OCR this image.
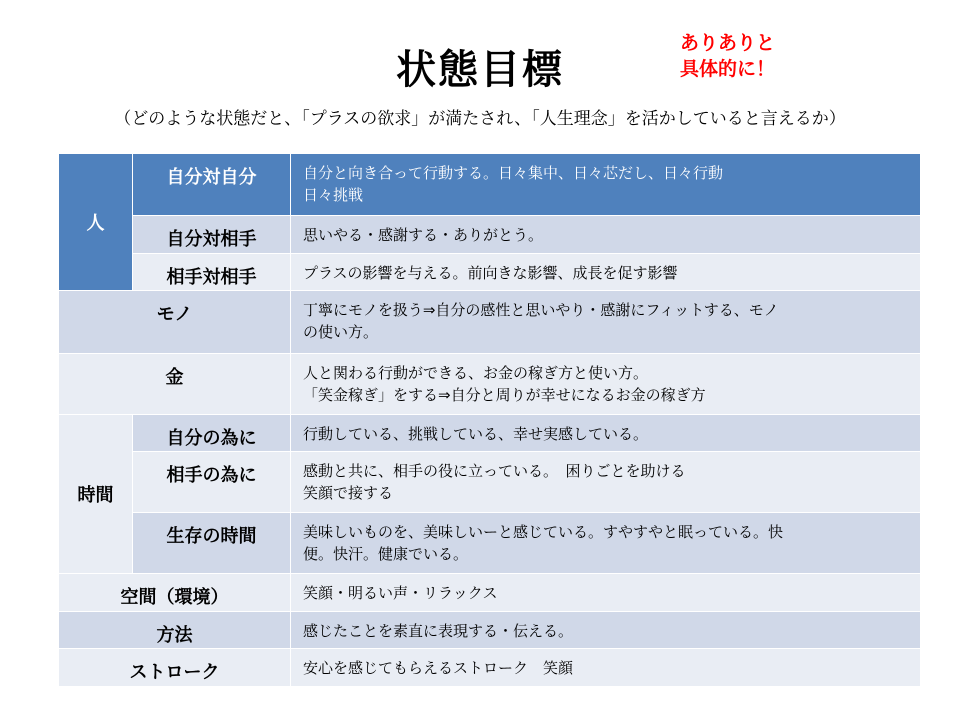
状態目標
ありありと
具体的に！
（どのような状態だと、「プラスの欲求」が満たされ、「人生理念」を活かしていると言えるか）
人	自分対自分	自分と向き合って行動する。日々集中、日々芯だし、日々行動
日々挑戦

	自分対相手	思いやる・感謝する・ありがとう。

	相手対相手	プラスの影響を与える。前向きな影響、成長を促す影響

モノ		丁寧にモノを扱う⇒自分の感性と思いやり・感謝にフィットする、モノ
の使い方。

金		人と関わる行動ができる、お金の稼ぎ方と使い方。
「笑金稼ぎ」をする⇒自分と周りが幸せになるお金の稼ぎ方

時間	自分の為に	行動している、挑戦している、幸せ実感している。

	相手の為に	感動と共に、相手の役に立っている。　困りごとを助ける
笑顔で接する

	生存の時間	美味しいものを、美味しいーと感じている。すやすやと眠っている。快
便。快汗。健康でいる。

空間（環境）		笑顔・明るい声・リラックス

方法		感じたことを素直に表現する・伝える。

ストローク		安心を感じてもらえるストローク　笑顔
